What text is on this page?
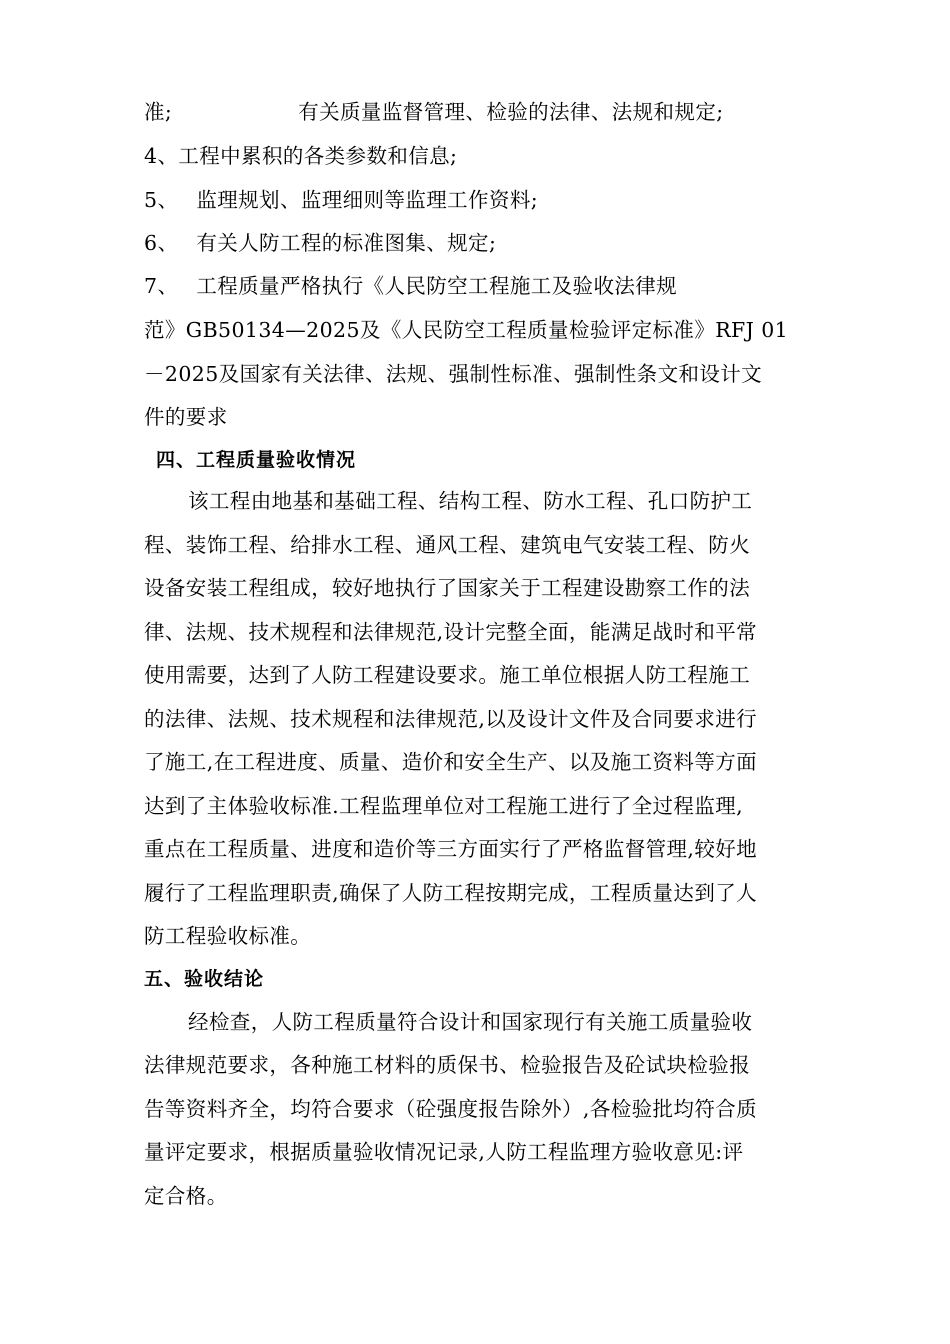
准;	有关质量监督管理、检验的法律、法规和规定;
4、工程中累积的各类参数和信息;
5、 监理规划、监理细则等监理工作资料;
6、 有关人防工程的标准图集、规定;
7、 工程质量严格执行《人民防空工程施工及验收法律规
范》GB50134—2025及《人民防空工程质量检验评定标准》RFJ 01
－2025及国家有关法律、法规、强制性标准、强制性条文和设计文
件的要求
四、工程质量验收情况
该工程由地基和基础工程、结构工程、防水工程、孔口防护工
程、装饰工程、给排水工程、通风工程、建筑电气安装工程、防火
设备安装工程组成，较好地执行了国家关于工程建设勘察工作的法
律、法规、技术规程和法律规范,设计完整全面，能满足战时和平常
使用需要，达到了人防工程建设要求。施工单位根据人防工程施工
的法律、法规、技术规程和法律规范,以及设计文件及合同要求进行
了施工,在工程进度、质量、造价和安全生产、以及施工资料等方面
达到了主体验收标准.工程监理单位对工程施工进行了全过程监理,
重点在工程质量、进度和造价等三方面实行了严格监督管理,较好地
履行了工程监理职责,确保了人防工程按期完成，工程质量达到了人
防工程验收标准。
五、验收结论
经检查，人防工程质量符合设计和国家现行有关施工质量验收
法律规范要求，各种施工材料的质保书、检验报告及砼试块检验报
告等资料齐全，均符合要求（砼强度报告除外）,各检验批均符合质
量评定要求，根据质量验收情况记录,人防工程监理方验收意见:评
定合格。
